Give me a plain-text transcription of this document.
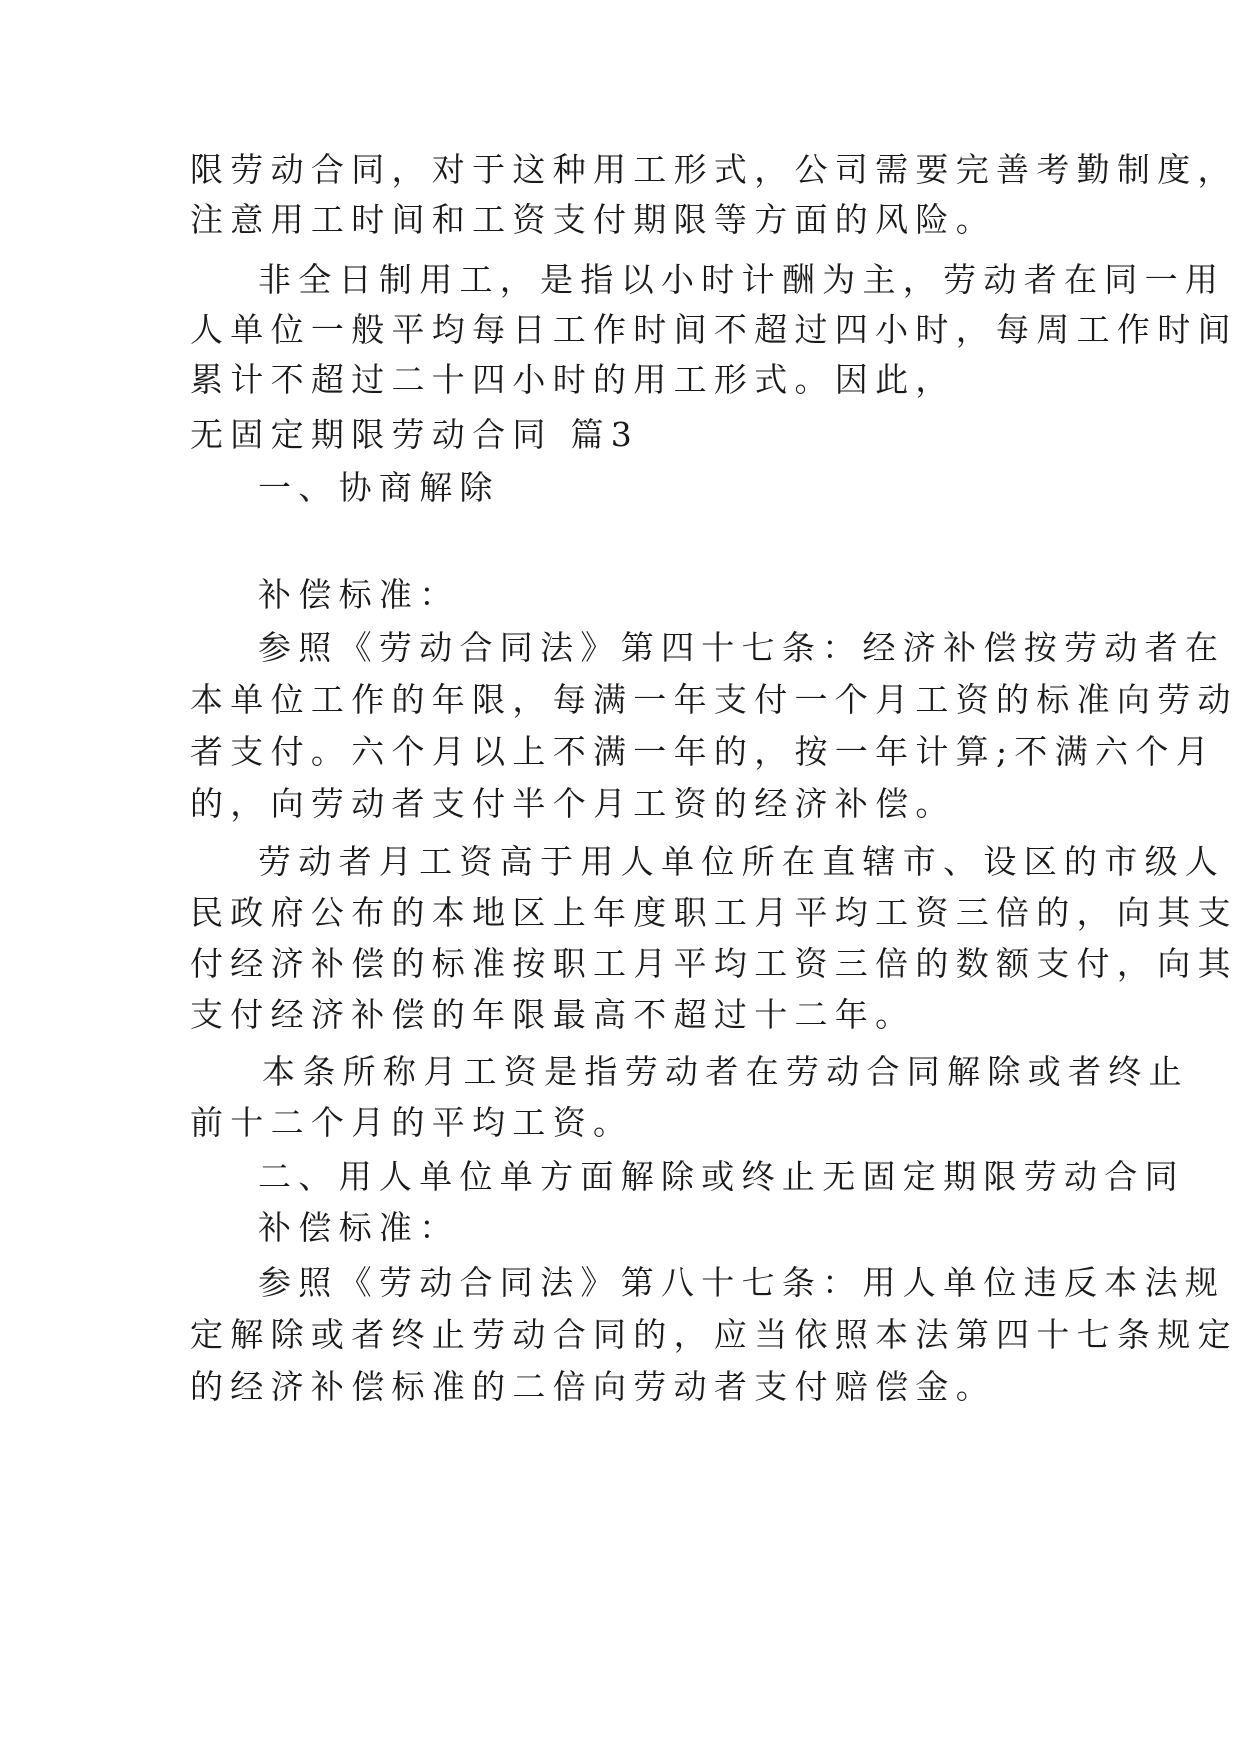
限劳动合同，对于这种用工形式，公司需要完善考勤制度，
注意用工时间和工资支付期限等方面的风险。
非全日制用工，是指以小时计酬为主，劳动者在同一用
人单位一般平均每日工作时间不超过四小时，每周工作时间
累计不超过二十四小时的用工形式。因此，
无固定期限劳动合同 篇3
一、协商解除
补偿标准：
参照《劳动合同法》第四十七条：经济补偿按劳动者在
本单位工作的年限，每满一年支付一个月工资的标准向劳动
者支付。六个月以上不满一年的，按一年计算;不满六个月
的，向劳动者支付半个月工资的经济补偿。
劳动者月工资高于用人单位所在直辖市、设区的市级人
民政府公布的本地区上年度职工月平均工资三倍的，向其支
付经济补偿的标准按职工月平均工资三倍的数额支付，向其
支付经济补偿的年限最高不超过十二年。
本条所称月工资是指劳动者在劳动合同解除或者终止
前十二个月的平均工资。
二、用人单位单方面解除或终止无固定期限劳动合同
补偿标准：
参照《劳动合同法》第八十七条：用人单位违反本法规
定解除或者终止劳动合同的，应当依照本法第四十七条规定
的经济补偿标准的二倍向劳动者支付赔偿金。
